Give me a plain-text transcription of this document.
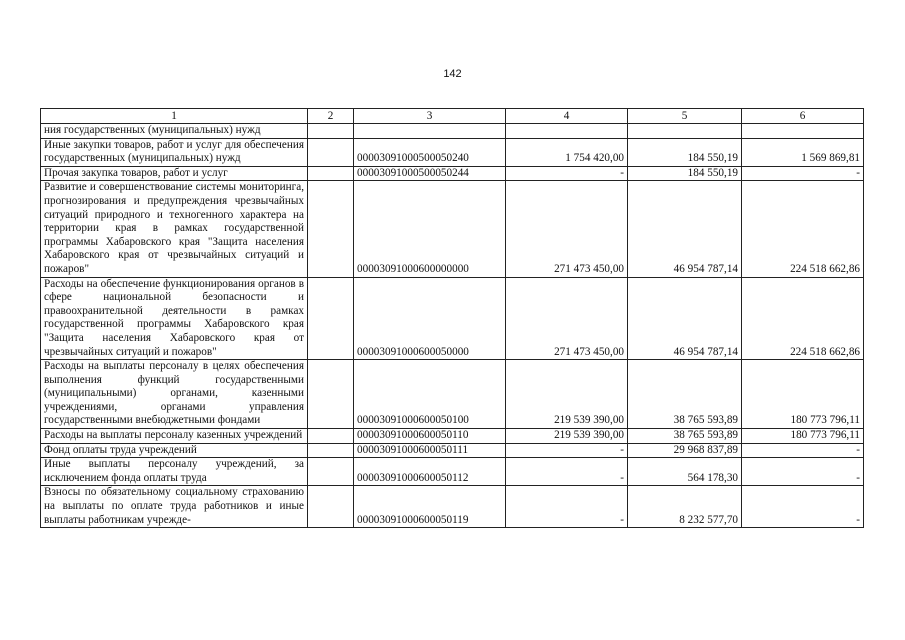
142
1	2	3	4	5	6
ния государственных (муниципальных) нужд					
Иные закупки товаров, работ и услуг для обеспечения государственных (муниципальных) нужд		00003091000500050240	1 754 420,00	184 550,19	1 569 869,81
Прочая закупка товаров, работ и услуг		00003091000500050244	-	184 550,19	-
Развитие и совершенствование системы мониторинга, прогнозирования и предупреждения чрезвычайных ситуаций природного и техногенного характера на территории края в рамках государственной программы Хабаровского края "Защита населения Хабаровского края от чрезвычайных ситуаций и пожаров"		00003091000600000000	271 473 450,00	46 954 787,14	224 518 662,86
Расходы на обеспечение функционирования органов в сфере национальной безопасности и правоохранительной деятельности в рамках государственной программы Хабаровского края "Защита населения Хабаровского края от чрезвычайных ситуаций и пожаров"		00003091000600050000	271 473 450,00	46 954 787,14	224 518 662,86
Расходы на выплаты персоналу в целях обеспечения выполнения функций государственными (муниципальными) органами, казенными учреждениями, органами управления государственными внебюджетными фондами		00003091000600050100	219 539 390,00	38 765 593,89	180 773 796,11
Расходы на выплаты персоналу казенных учреждений		00003091000600050110	219 539 390,00	38 765 593,89	180 773 796,11
Фонд оплаты труда учреждений		00003091000600050111	-	29 968 837,89	-
Иные выплаты персоналу учреждений, за исключением фонда оплаты труда		00003091000600050112	-	564 178,30	-
Взносы по обязательному социальному страхованию на выплаты по оплате труда работников и иные выплаты работникам учрежде-		00003091000600050119	-	8 232 577,70	-
